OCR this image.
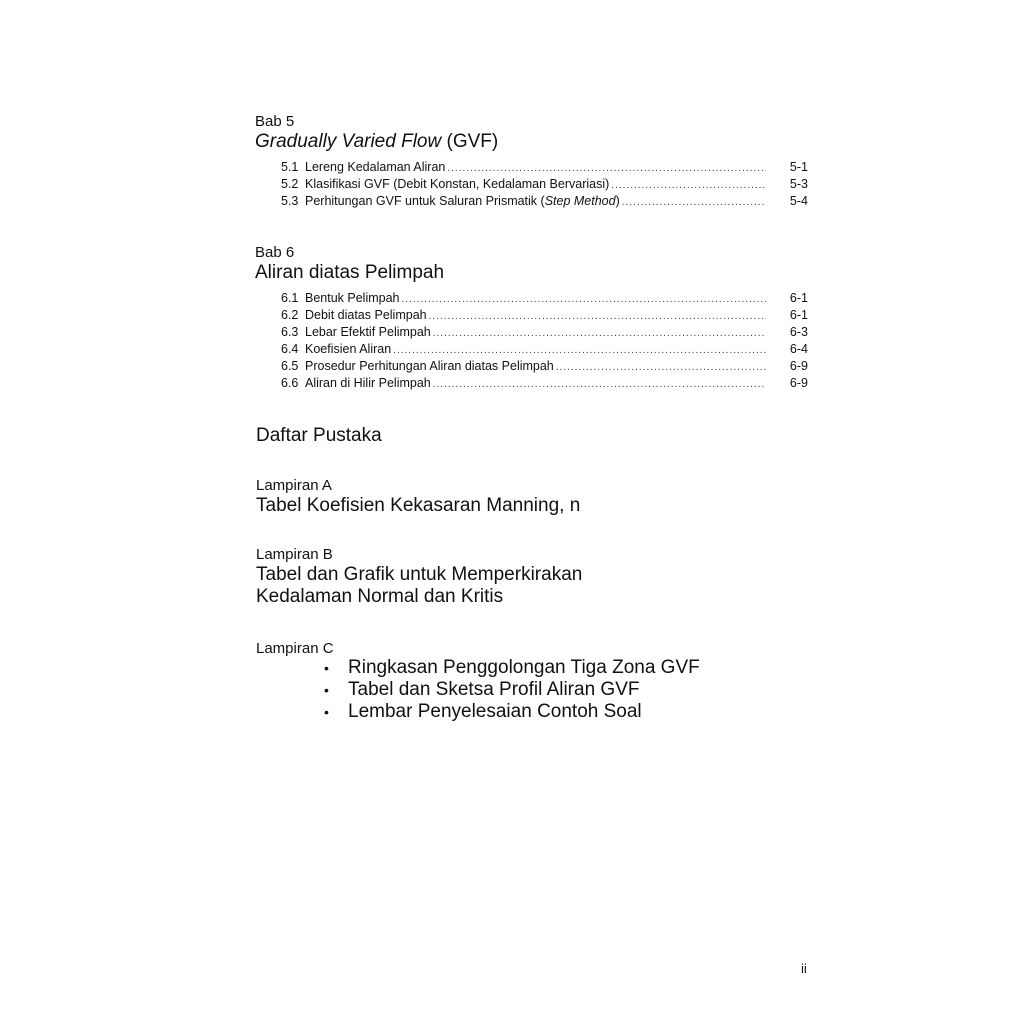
Bab 5
Gradually Varied Flow (GVF)
5.1 Lereng Kedalaman Aliran .....	5-1
5.2 Klasifikasi GVF (Debit Konstan, Kedalaman Bervariasi) .....	5-3
5.3 Perhitungan GVF untuk Saluran Prismatik (Step Method) .....	5-4
Bab 6
Aliran diatas Pelimpah
6.1 Bentuk Pelimpah .....	6-1
6.2 Debit diatas Pelimpah .....	6-1
6.3 Lebar Efektif Pelimpah .....	6-3
6.4 Koefisien Aliran .....	6-4
6.5 Prosedur Perhitungan Aliran diatas Pelimpah .....	6-9
6.6 Aliran di Hilir Pelimpah .....	6-9
Daftar Pustaka
Lampiran A
Tabel Koefisien Kekasaran Manning, n
Lampiran B
Tabel dan Grafik untuk Memperkirakan
Kedalaman Normal dan Kritis
Lampiran C
•	Ringkasan Penggolongan Tiga Zona GVF
•	Tabel dan Sketsa Profil Aliran GVF
•	Lembar Penyelesaian Contoh Soal
ii
